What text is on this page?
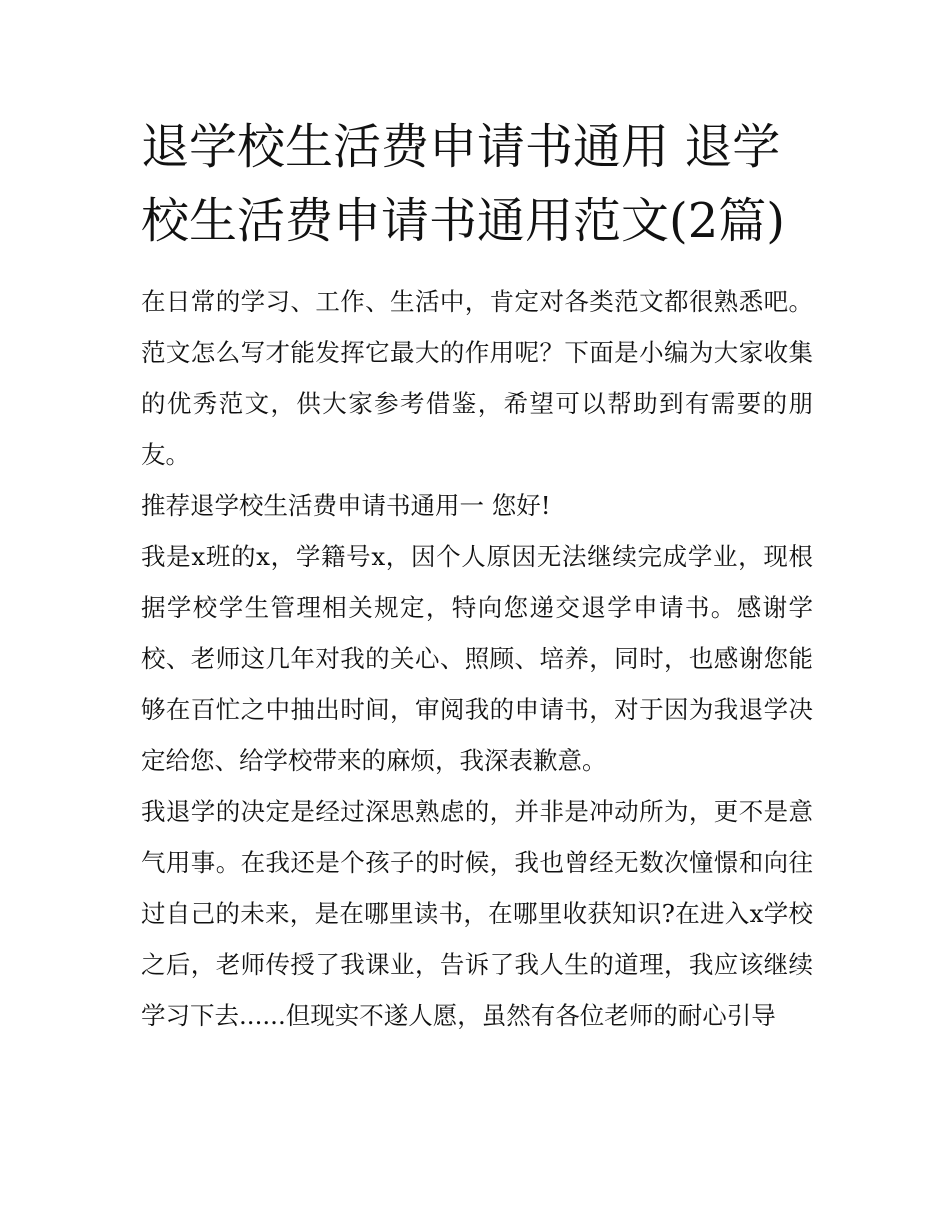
退学校生活费申请书通用 退学校生活费申请书通用范文(2篇)

在日常的学习、工作、生活中，肯定对各类范文都很熟悉吧。范文怎么写才能发挥它最大的作用呢？下面是小编为大家收集的优秀范文，供大家参考借鉴，希望可以帮助到有需要的朋友。

推荐退学校生活费申请书通用一 您好!

我是x班的x，学籍号x，因个人原因无法继续完成学业，现根据学校学生管理相关规定，特向您递交退学申请书。感谢学校、老师这几年对我的关心、照顾、培养，同时，也感谢您能够在百忙之中抽出时间，审阅我的申请书，对于因为我退学决定给您、给学校带来的麻烦，我深表歉意。

我退学的决定是经过深思熟虑的，并非是冲动所为，更不是意气用事。在我还是个孩子的时候，我也曾经无数次憧憬和向往过自己的未来，是在哪里读书，在哪里收获知识?在进入x学校之后，老师传授了我课业，告诉了我人生的道理，我应该继续学习下去......但现实不遂人愿，虽然有各位老师的耐心引导
